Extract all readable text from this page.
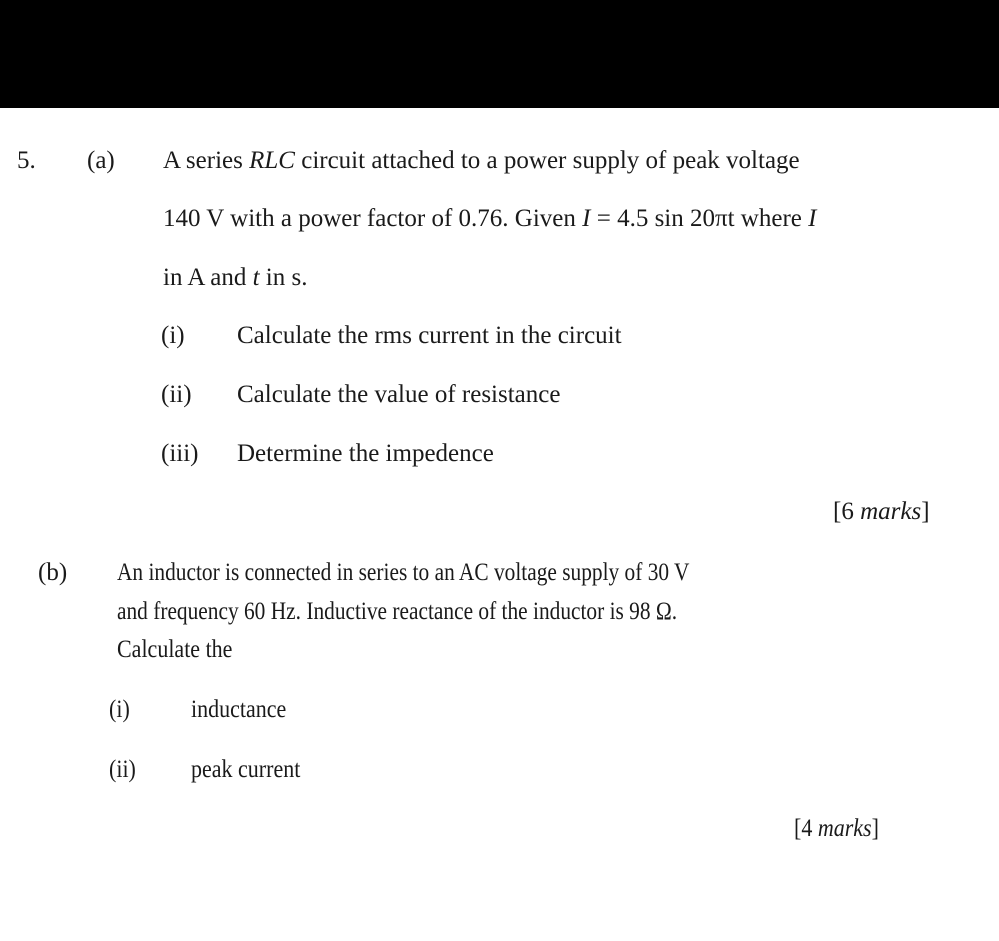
5. (a) A series RLC circuit attached to a power supply of peak voltage
140 V with a power factor of 0.76. Given I = 4.5 sin 20πt where I
in A and t in s.
(i) Calculate the rms current in the circuit
(ii) Calculate the value of resistance
(iii) Determine the impedence
[6 marks]
(b) An inductor is connected in series to an AC voltage supply of 30 V
and frequency 60 Hz. Inductive reactance of the inductor is 98 Ω.
Calculate the
(i) inductance
(ii) peak current
[4 marks]
